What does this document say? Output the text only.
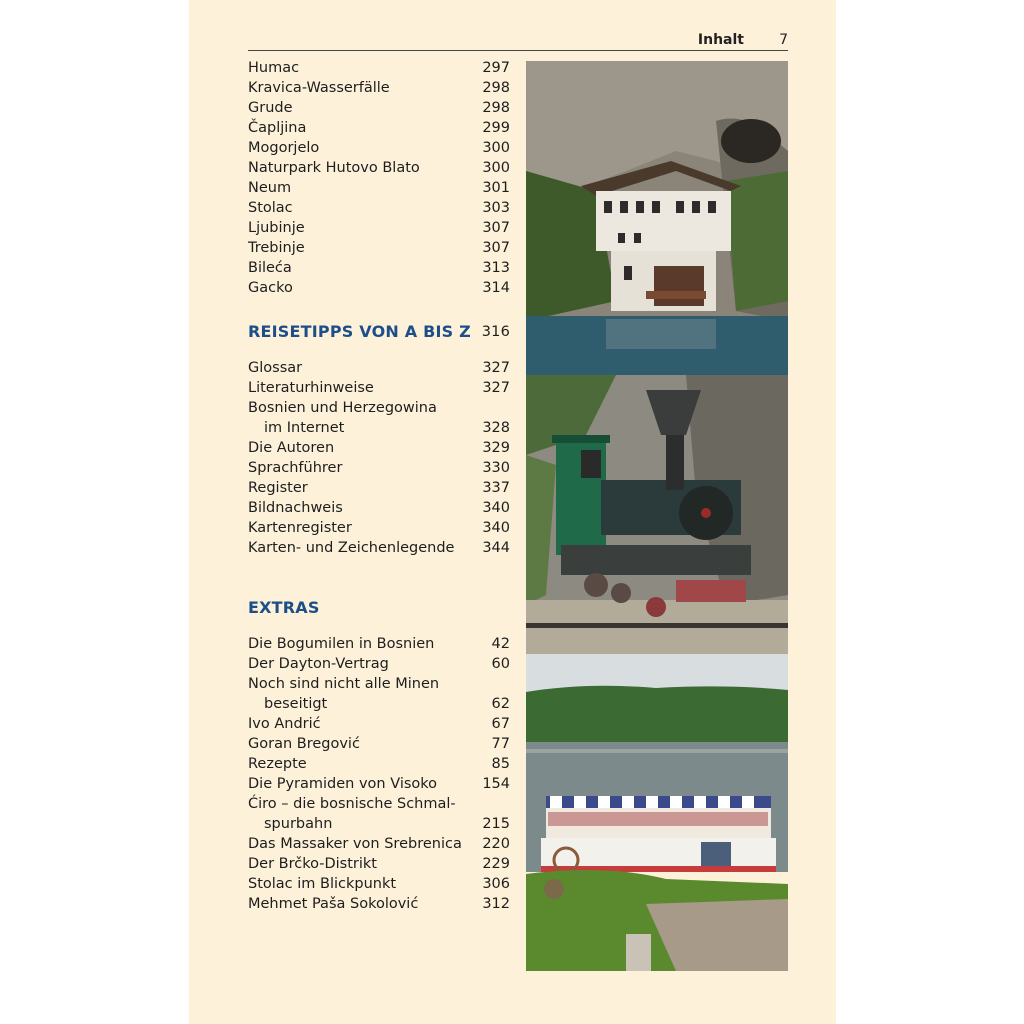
Inhalt	7
Humac	297
Kravica-Wasserfälle	298
Grude	298
Čapljina	299
Mogorjelo	300
Naturpark Hutovo Blato	300
Neum	301
Stolac	303
Ljubinje	307
Trebinje	307
Bileća	313
Gacko	314
REISETIPPS VON A BIS Z 316
Glossar	327
Literaturhinweise	327
Bosnien und Herzegowina
im Internet	328
Die Autoren	329
Sprachführer	330
Register	337
Bildnachweis	340
Kartenregister	340
Karten- und Zeichenlegende 344
EXTRAS
Die Bogumilen in Bosnien	42
Der Dayton-Vertrag	60
Noch sind nicht alle Minen
beseitigt	62
Ivo Andrić	67
Goran Bregović	77
Rezepte	85
Die Pyramiden von Visoko	154
Ćiro – die bosnische Schmal-
spurbahn	215
Das Massaker von Srebrenica 220
Der Brčko-Distrikt	229
Stolac im Blickpunkt	306
Mehmet Paša Sokolović	312
